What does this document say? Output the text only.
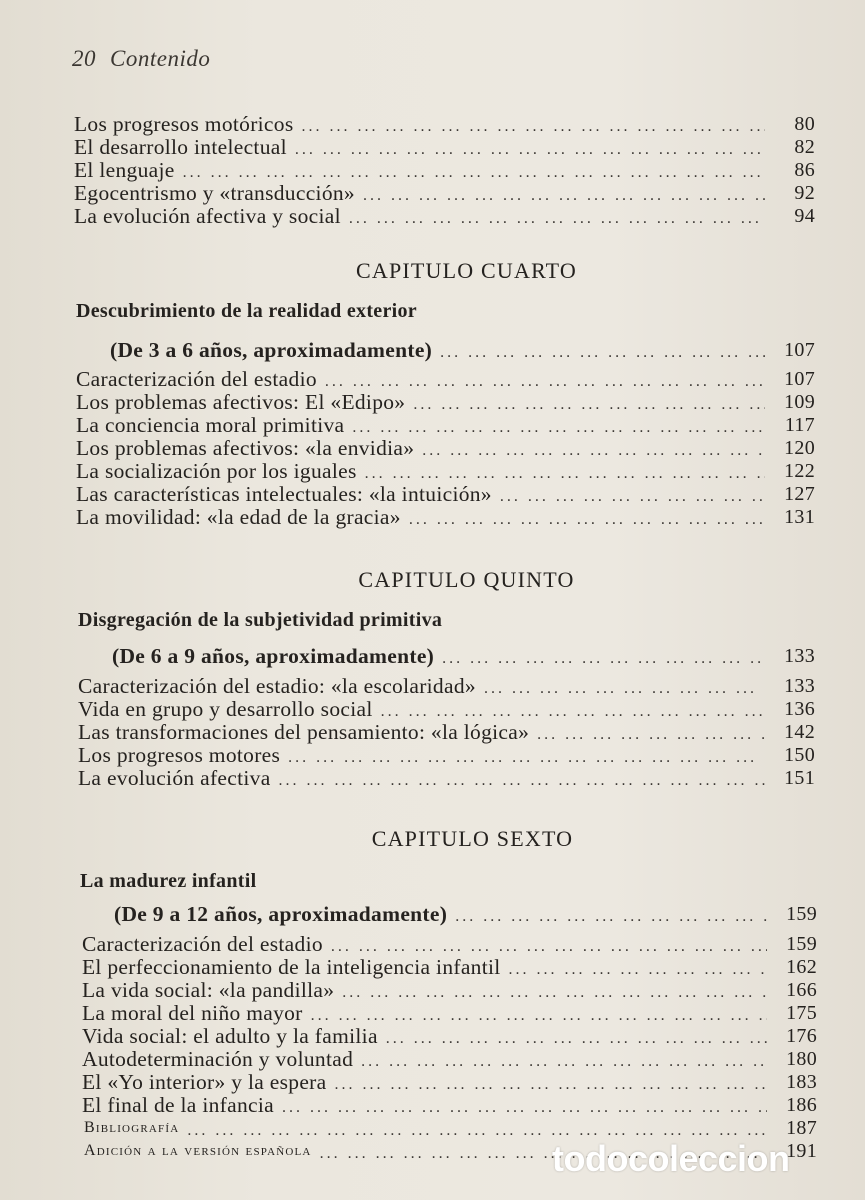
20 Contenido
Los progresos motóricos ... .	80
El desarrollo intelectual ... .	82
El lenguaje ... .	86
Egocentrismo y «transducción» ... .	92
La evolución afectiva y social ... .	94
CAPITULO CUARTO
Descubrimiento de la realidad exterior
(De 3 a 6 años, aproximadamente) ... .	107
Caracterización del estadio ... .	107
Los problemas afectivos: El «Edipo» ... .	109
La conciencia moral primitiva ... .	117
Los problemas afectivos: «la envidia» ... .	120
La socialización por los iguales ... .	122
Las características intelectuales: «la intuición» ... .	127
La movilidad: «la edad de la gracia» ... .	131
CAPITULO QUINTO
Disgregación de la subjetividad primitiva
(De 6 a 9 años, aproximadamente) ... .	133
Caracterización del estadio: «la escolaridad» ... .	133
Vida en grupo y desarrollo social ... .	136
Las transformaciones del pensamiento: «la lógica» ... .	142
Los progresos motores ... .	150
La evolución afectiva ... .	151
CAPITULO SEXTO
La madurez infantil
(De 9 a 12 años, aproximadamente) ... .	159
Caracterización del estadio ... .	159
El perfeccionamiento de la inteligencia infantil ... .	162
La vida social: «la pandilla» ... .	166
La moral del niño mayor ... .	175
Vida social: el adulto y la familia ... .	176
Autodeterminación y voluntad ... .	180
El «Yo interior» y la espera ... .	183
El final de la infancia ... .	186
Bibliografía ... .	187
Adición a la versión española ... .	191
todocoleccion
